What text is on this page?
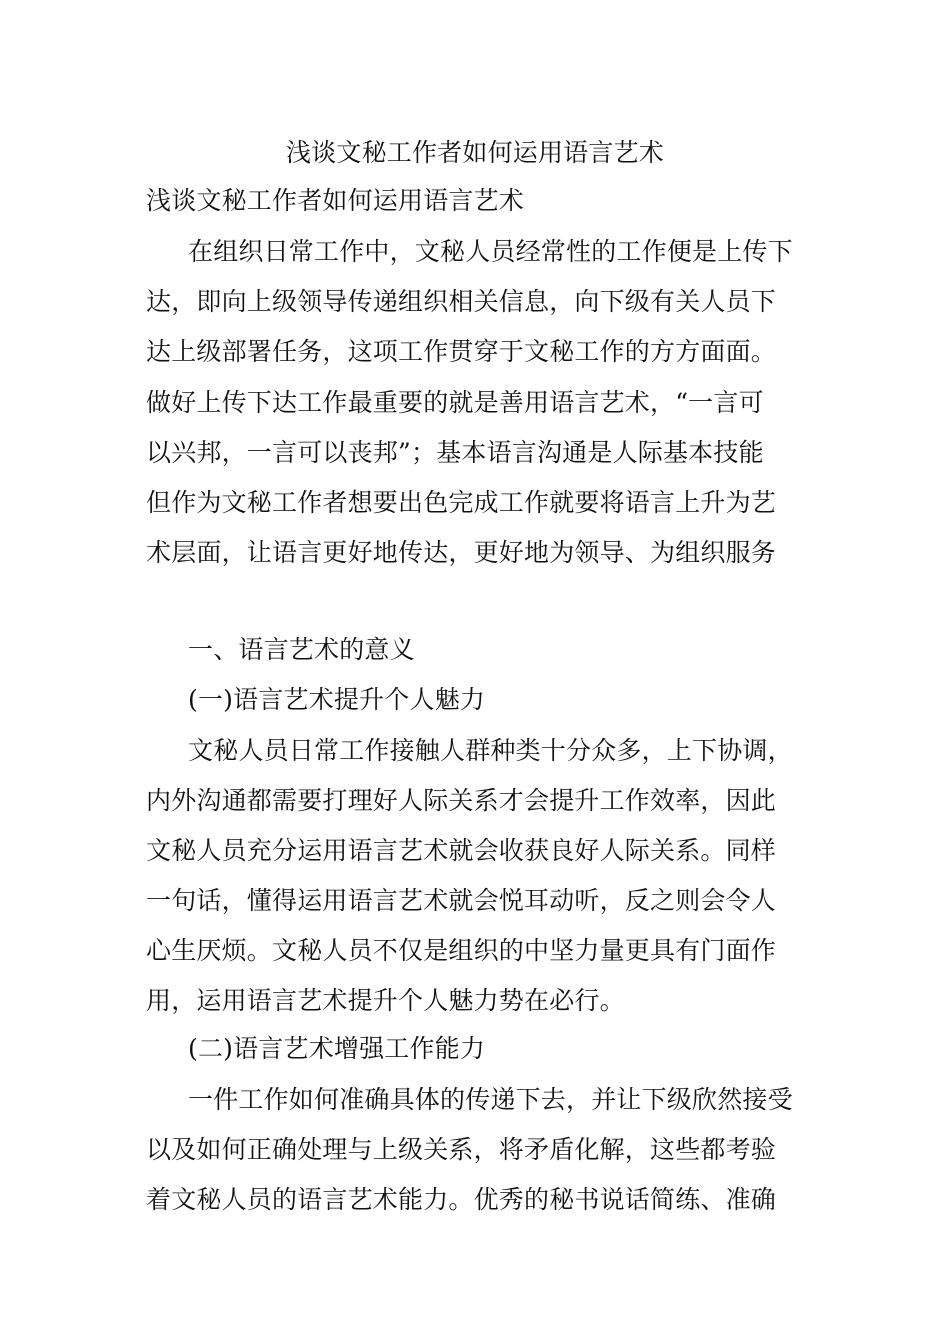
浅谈文秘工作者如何运用语言艺术
浅谈文秘工作者如何运用语言艺术
在组织日常工作中，文秘人员经常性的工作便是上传下
达，即向上级领导传递组织相关信息，向下级有关人员下
达上级部署任务，这项工作贯穿于文秘工作的方方面面。
做好上传下达工作最重要的就是善用语言艺术，“一言可
以兴邦，一言可以丧邦”；基本语言沟通是人际基本技能
但作为文秘工作者想要出色完成工作就要将语言上升为艺
术层面，让语言更好地传达，更好地为领导、为组织服务
一、语言艺术的意义
(一)语言艺术提升个人魅力
文秘人员日常工作接触人群种类十分众多，上下协调，
内外沟通都需要打理好人际关系才会提升工作效率，因此
文秘人员充分运用语言艺术就会收获良好人际关系。同样
一句话，懂得运用语言艺术就会悦耳动听，反之则会令人
心生厌烦。文秘人员不仅是组织的中坚力量更具有门面作
用，运用语言艺术提升个人魅力势在必行。
(二)语言艺术增强工作能力
一件工作如何准确具体的传递下去，并让下级欣然接受
以及如何正确处理与上级关系，将矛盾化解，这些都考验
着文秘人员的语言艺术能力。优秀的秘书说话简练、准确
